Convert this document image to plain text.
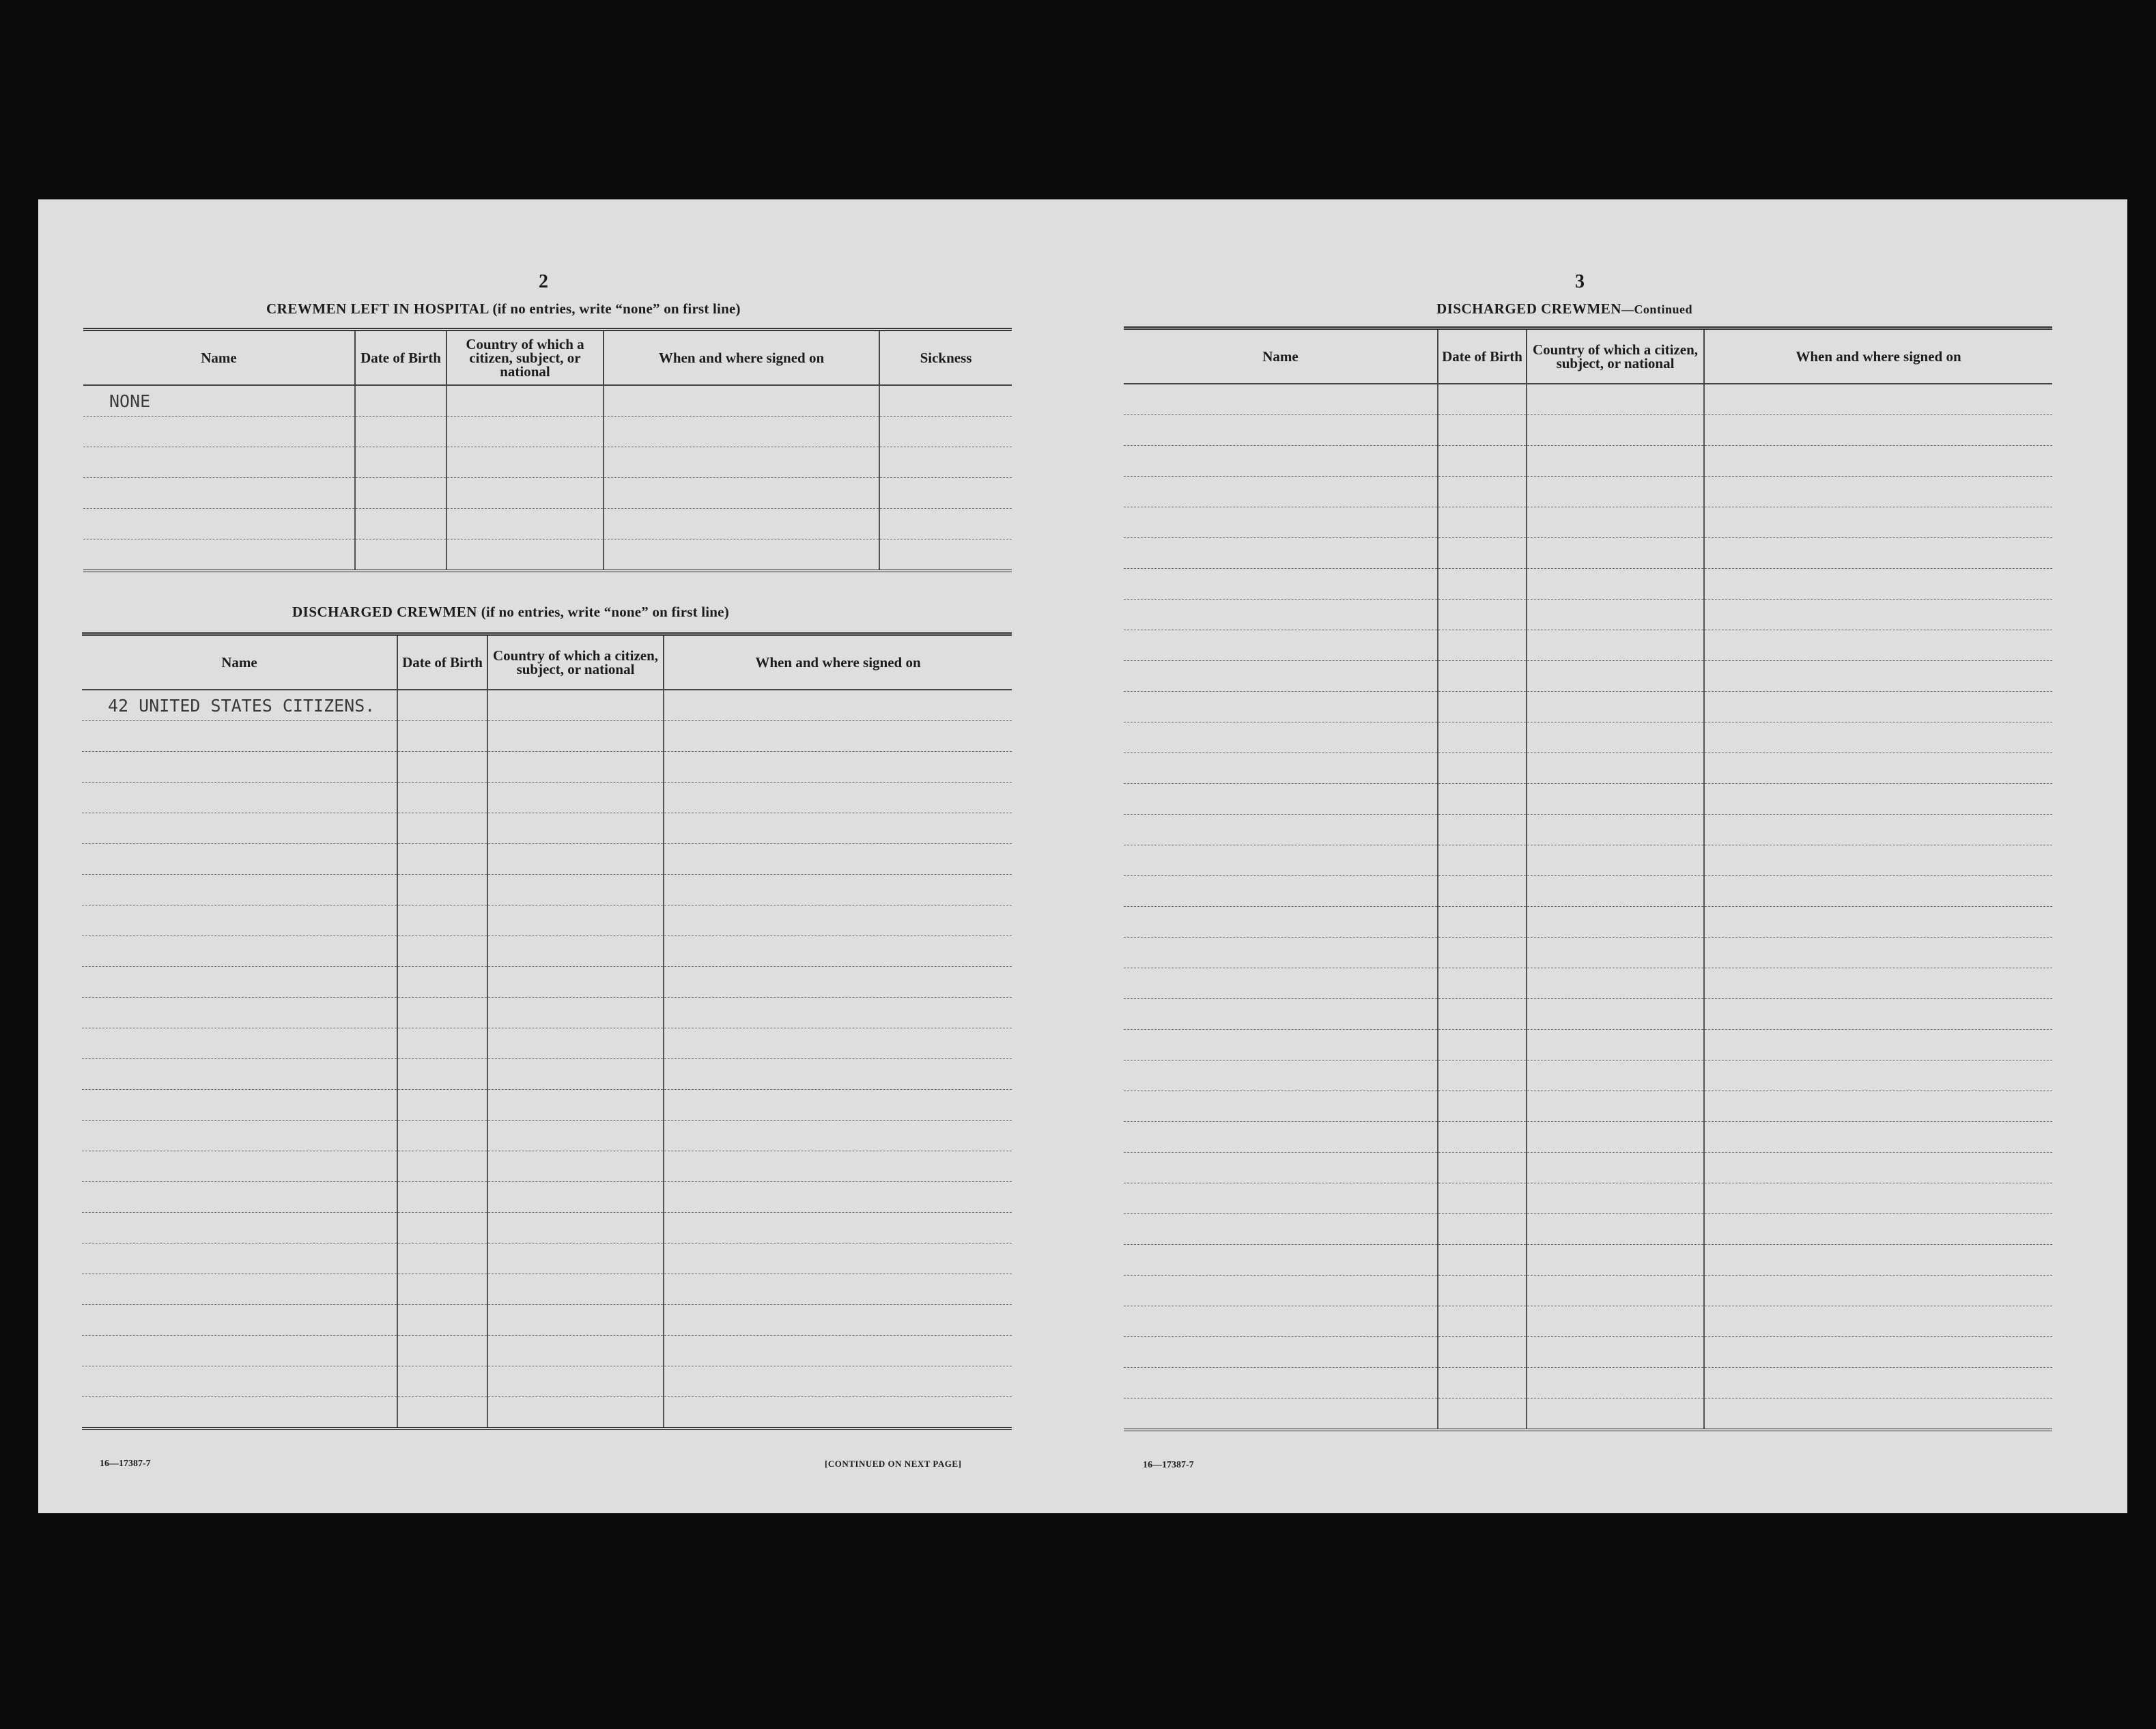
2
CREWMEN LEFT IN HOSPITAL (if no entries, write “none” on first line)
Name	Date of Birth	Country of which a citizen, subject, or national	When and where signed on	Sickness
NONE				

DISCHARGED CREWMEN (if no entries, write “none” on first line)
Name	Date of Birth	Country of which a citizen, subject, or national	When and where signed on
42 UNITED STATES CITIZENS.			

16—17387-7	[CONTINUED ON NEXT PAGE]
3
DISCHARGED CREWMEN—Continued
Name	Date of Birth	Country of which a citizen, subject, or national	When and where signed on

16—17387-7
